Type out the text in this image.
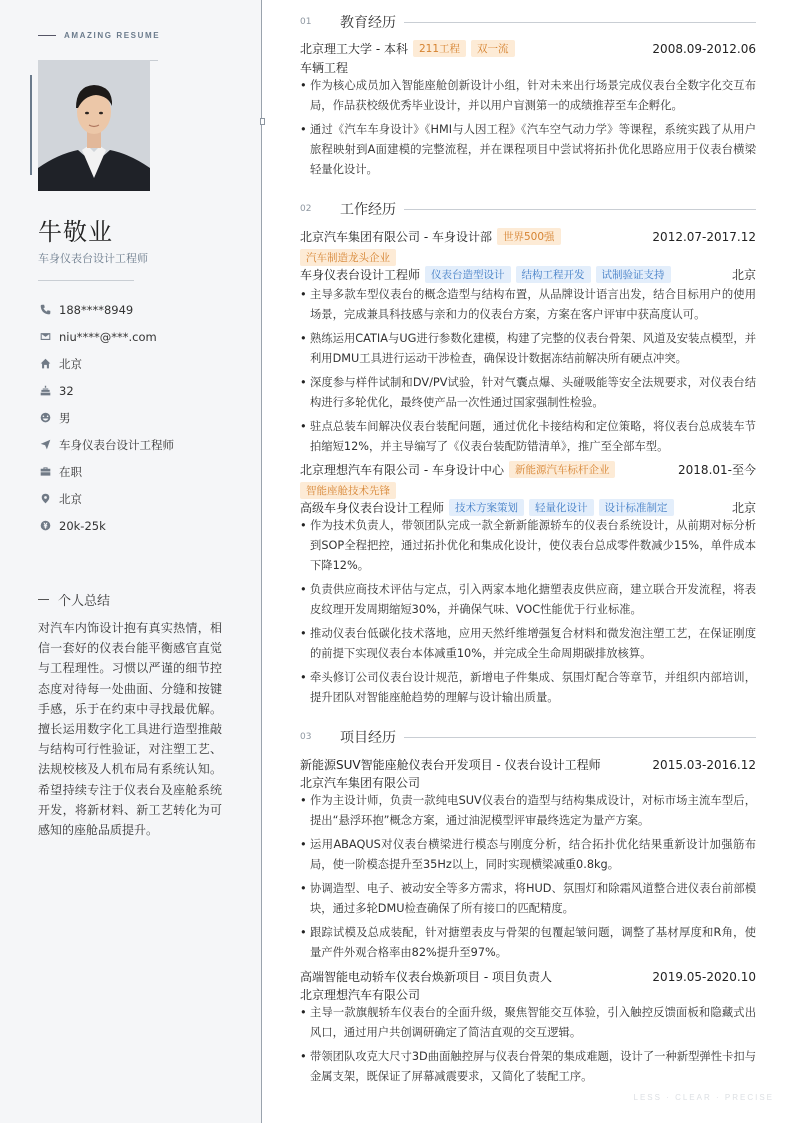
AMAZING RESUME
牛敬业
车身仪表台设计工程师
188****8949
niu****@***.com
北京
32
男
车身仪表台设计工程师
在职
北京
20k-25k
个人总结
对汽车内饰设计抱有真实热情，相信一套好的仪表台能平衡感官直觉与工程理性。习惯以严谨的细节控态度对待每一处曲面、分缝和按键手感，乐于在约束中寻找最优解。擅长运用数字化工具进行造型推敲与结构可行性验证，对注塑工艺、法规校核及人机布局有系统认知。希望持续专注于仪表台及座舱系统开发，将新材料、新工艺转化为可感知的座舱品质提升。
01	教育经历
北京理工大学 - 本科	211工程	双一流	2008.09-2012.06
车辆工程
• 作为核心成员加入智能座舱创新设计小组，针对未来出行场景完成仪表台全数字化交互布局，作品获校级优秀毕业设计，并以用户盲测第一的成绩推荐至车企孵化。
• 通过《汽车车身设计》《HMI与人因工程》《汽车空气动力学》等课程，系统实践了从用户旅程映射到A面建模的完整流程，并在课程项目中尝试将拓扑优化思路应用于仪表台横梁轻量化设计。
02	工作经历
北京汽车集团有限公司 - 车身设计部	世界500强	2012.07-2017.12
汽车制造龙头企业
车身仪表台设计工程师	仪表台造型设计	结构工程开发	试制验证支持	北京
• 主导多款车型仪表台的概念造型与结构布置，从品牌设计语言出发，结合目标用户的使用场景，完成兼具科技感与亲和力的仪表台方案，方案在客户评审中获高度认可。
• 熟练运用CATIA与UG进行参数化建模，构建了完整的仪表台骨架、风道及安装点模型，并利用DMU工具进行运动干涉检查，确保设计数据冻结前解决所有硬点冲突。
• 深度参与样件试制和DV/PV试验，针对气囊点爆、头碰吸能等安全法规要求，对仪表台结构进行多轮优化，最终使产品一次性通过国家强制性检验。
• 驻点总装车间解决仪表台装配问题，通过优化卡接结构和定位策略，将仪表台总成装车节拍缩短12%，并主导编写了《仪表台装配防错清单》，推广至全部车型。
北京理想汽车有限公司 - 车身设计中心	新能源汽车标杆企业	2018.01-至今
智能座舱技术先锋
高级车身仪表台设计工程师	技术方案策划	轻量化设计	设计标准制定	北京
• 作为技术负责人，带领团队完成一款全新新能源轿车的仪表台系统设计，从前期对标分析到SOP全程把控，通过拓扑优化和集成化设计，使仪表台总成零件数减少15%，单件成本下降12%。
• 负责供应商技术评估与定点，引入两家本地化搪塑表皮供应商，建立联合开发流程，将表皮纹理开发周期缩短30%，并确保气味、VOC性能优于行业标准。
• 推动仪表台低碳化技术落地，应用天然纤维增强复合材料和微发泡注塑工艺，在保证刚度的前提下实现仪表台本体减重10%，并完成全生命周期碳排放核算。
• 牵头修订公司仪表台设计规范，新增电子件集成、氛围灯配合等章节，并组织内部培训，提升团队对智能座舱趋势的理解与设计输出质量。
03	项目经历
新能源SUV智能座舱仪表台开发项目 - 仪表台设计工程师	2015.03-2016.12
北京汽车集团有限公司
• 作为主设计师，负责一款纯电SUV仪表台的造型与结构集成设计，对标市场主流车型后，提出“悬浮环抱”概念方案，通过油泥模型评审最终选定为量产方案。
• 运用ABAQUS对仪表台横梁进行模态与刚度分析，结合拓扑优化结果重新设计加强筋布局，使一阶模态提升至35Hz以上，同时实现横梁减重0.8kg。
• 协调造型、电子、被动安全等多方需求，将HUD、氛围灯和除霜风道整合进仪表台前部模块，通过多轮DMU检查确保了所有接口的匹配精度。
• 跟踪试模及总成装配，针对搪塑表皮与骨架的包覆起皱问题，调整了基材厚度和R角，使量产件外观合格率由82%提升至97%。
高端智能电动轿车仪表台焕新项目 - 项目负责人	2019.05-2020.10
北京理想汽车有限公司
• 主导一款旗舰轿车仪表台的全面升级，聚焦智能交互体验，引入触控反馈面板和隐藏式出风口，通过用户共创调研确定了简洁直观的交互逻辑。
• 带领团队攻克大尺寸3D曲面触控屏与仪表台骨架的集成难题，设计了一种新型弹性卡扣与金属支架，既保证了屏幕减震要求，又简化了装配工序。
LESS · CLEAR · PRECISE
